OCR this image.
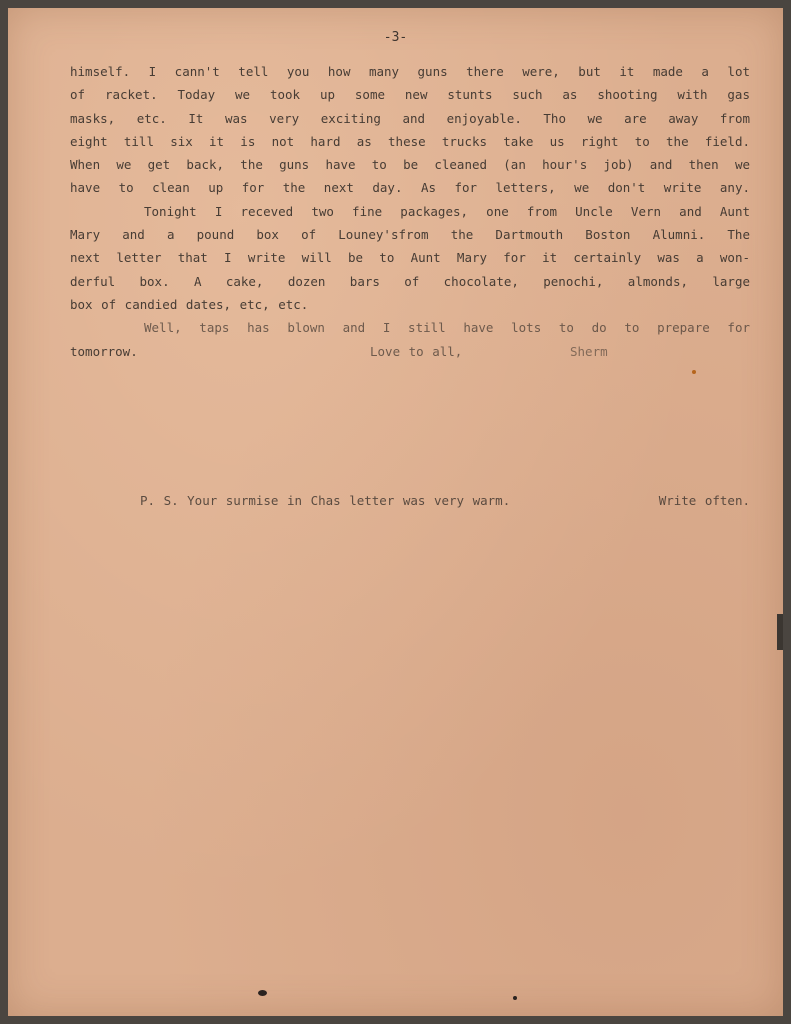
-3-
himself. I cann't tell you how many guns there were, but it made a lot
of racket. Today we took up some new stunts such as shooting with gas
masks, etc. It was very exciting and enjoyable. Tho we are away from
eight till six it is not hard as these trucks take us right to the field.
When we get back, the guns have to be cleaned (an hour's job) and then we
have to clean up for the next day. As for letters, we don't write any.
Tonight I receved two fine packages, one from Uncle Vern and Aunt
Mary and a pound box of Louney'sfrom the Dartmouth Boston Alumni. The
next letter that I write will be to Aunt Mary for it certainly was a won-
derful box. A cake, dozen bars of chocolate, penochi, almonds, large
box of candied dates, etc, etc.
Well, taps has blown and I still have lots to do to prepare for
tomorrow.	Love to all,	Sherm
P. S. Your surmise in Chas letter was very warm.	Write often.
